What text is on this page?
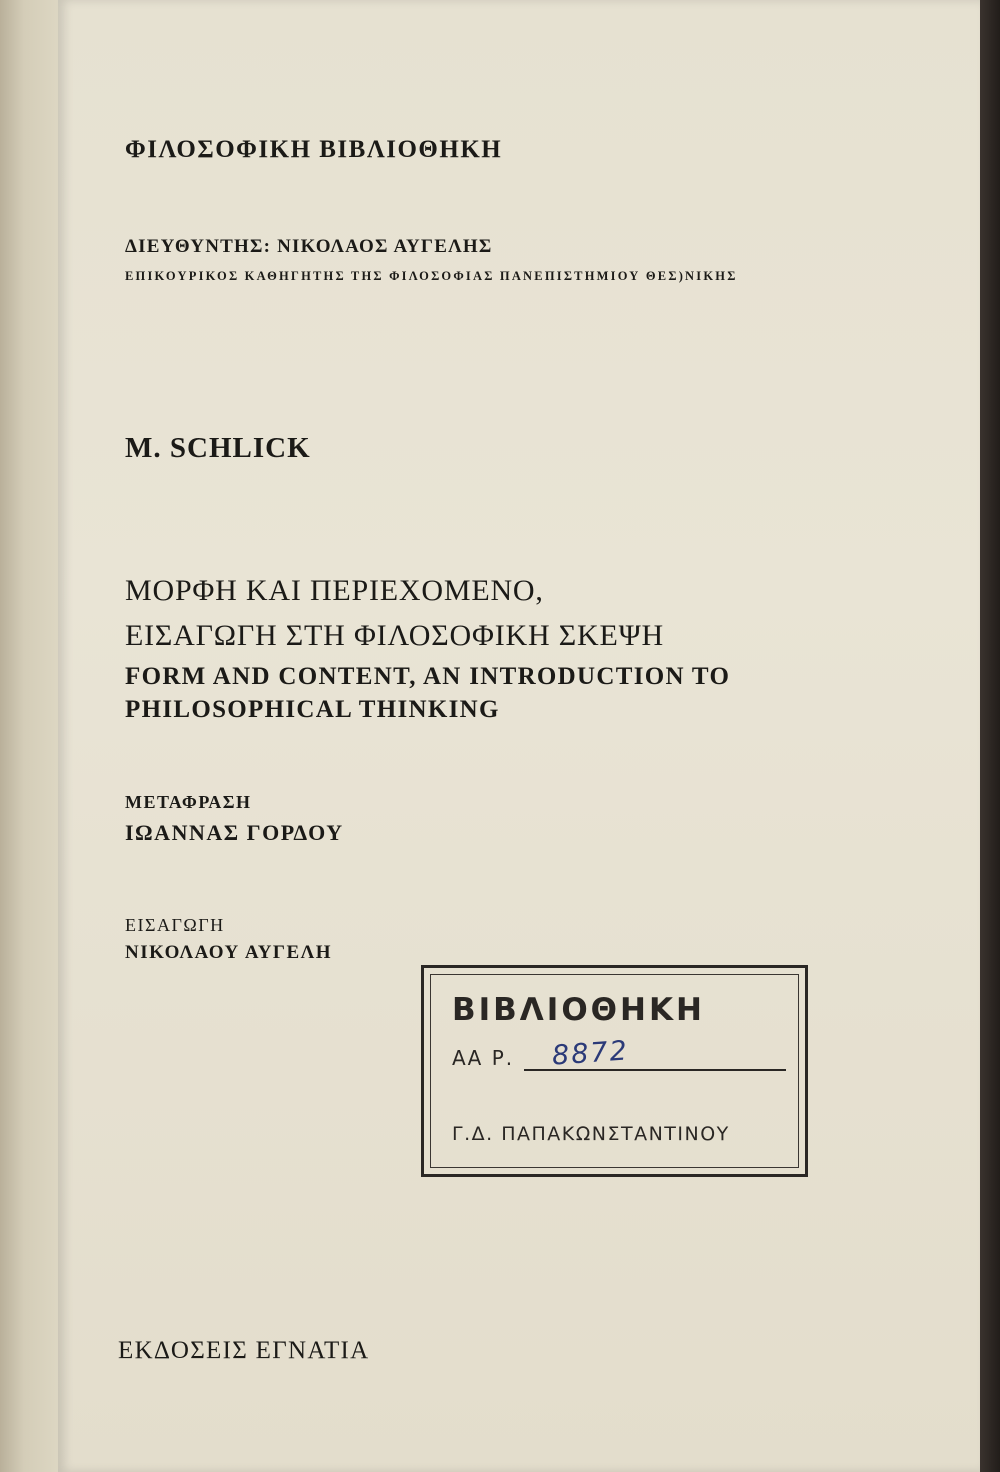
ΦΙΛΟΣΟΦΙΚΗ ΒΙΒΛΙΟΘΗΚΗ
ΔΙΕΥΘΥΝΤΗΣ: ΝΙΚΟΛΑΟΣ ΑΥΓΕΛΗΣ
ΕΠΙΚΟΥΡΙΚΟΣ ΚΑΘΗΓΗΤΗΣ ΤΗΣ ΦΙΛΟΣΟΦΙΑΣ ΠΑΝΕΠΙΣΤΗΜΙΟΥ ΘΕΣ)ΝΙΚΗΣ
M. SCHLICK
ΜΟΡΦΗ ΚΑΙ ΠΕΡΙΕΧΟΜΕΝΟ,
ΕΙΣΑΓΩΓΗ ΣΤΗ ΦΙΛΟΣΟΦΙΚΗ ΣΚΕΨΗ
FORM AND CONTENT, AN INTRODUCTION TO
PHILOSOPHICAL THINKING
ΜΕΤΑΦΡΑΣΗ
ΙΩΑΝΝΑΣ ΓΟΡΔΟΥ
ΕΙΣΑΓΩΓΗ
ΝΙΚΟΛΑΟΥ ΑΥΓΕΛΗ
ΒΙΒΛΙΟΘΗΚΗ
ΑΑ Ρ. 8872
Γ.Δ. ΠΑΠΑΚΩΝΣΤΑΝΤΙΝΟΥ
ΕΚΔΟΣΕΙΣ ΕΓΝΑΤΙΑ
